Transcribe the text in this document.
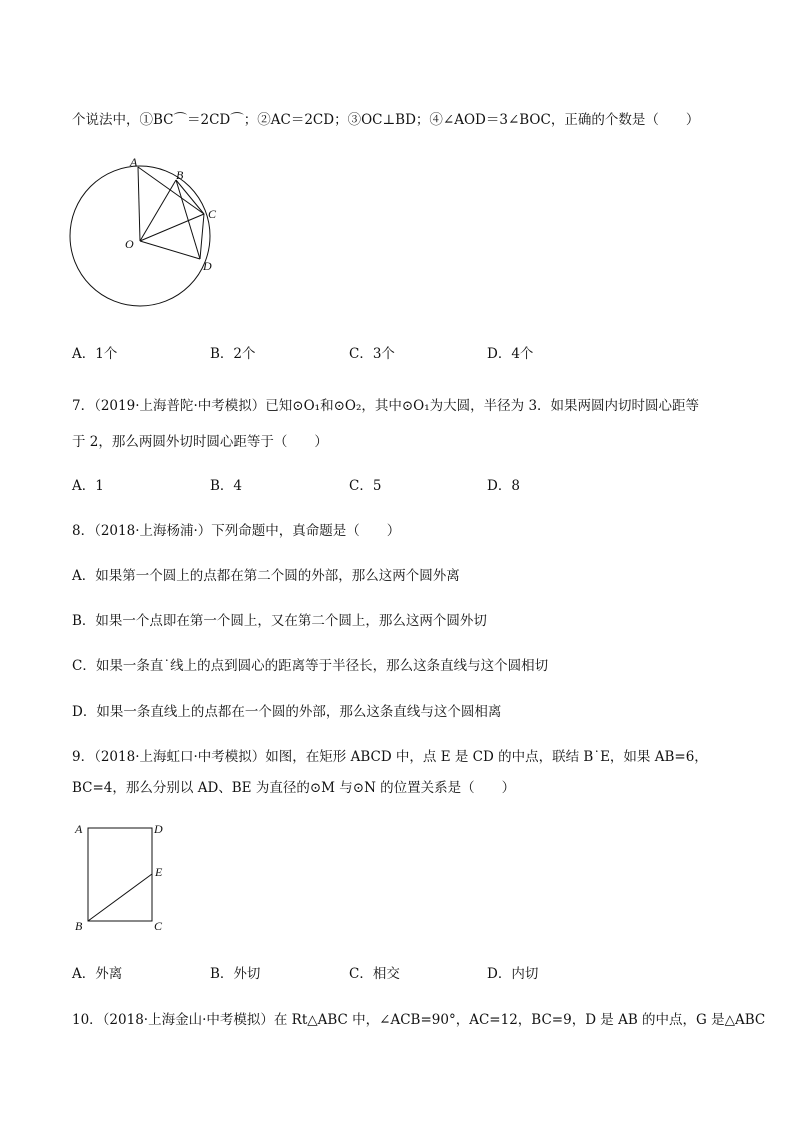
个说法中，①BC⌒＝2CD⌒；②AC＝2CD；③OC⊥BD；④∠AOD＝3∠BOC，正确的个数是（　　）
A
B
C
D
O
A．1个	B．2个	C．3个	D．4个
7．（2019·上海普陀·中考模拟）已知⊙O₁和⊙O₂，其中⊙O₁为大圆，半径为 3．如果两圆内切时圆心距等
于 2，那么两圆外切时圆心距等于（　　）
A．1	B．4	C．5	D．8
8．（2018·上海杨浦·）下列命题中，真命题是（　　）
A．如果第一个圆上的点都在第二个圆的外部，那么这两个圆外离
B．如果一个点即在第一个圆上，又在第二个圆上，那么这两个圆外切
C．如果一条直˙线上的点到圆心的距离等于半径长，那么这条直线与这个圆相切
D．如果一条直线上的点都在一个圆的外部，那么这条直线与这个圆相离
9．（2018·上海虹口·中考模拟）如图，在矩形 ABCD 中，点 E 是 CD 的中点，联结 B˙E，如果 AB=6，
BC=4，那么分别以 AD、BE 为直径的⊙M 与⊙N 的位置关系是（　　）
A	D
E
B	C
A．外离	B．外切	C．相交	D．内切
10．（2018·上海金山·中考模拟）在 Rt△ABC 中，∠ACB=90°，AC=12，BC=9，D 是 AB 的中点，G 是△ABC
